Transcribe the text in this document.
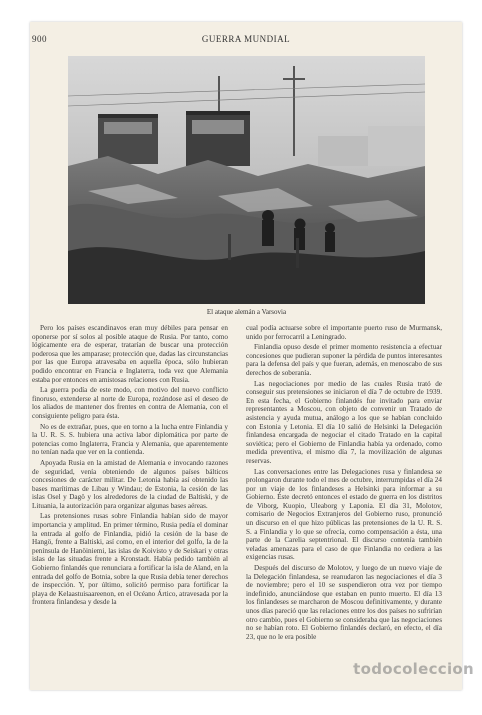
900	GUERRA MUNDIAL
El ataque alemán a Varsovia

Pero los países escandinavos eran muy débiles para pensar en oponerse por sí solos al posible ataque de Rusia. Por tanto, como lógicamente era de esperar, tratarían de buscar una protección poderosa que les amparase; protección que, dadas las circunstancias por las que Europa atravesaba en aquella época, sólo hubieran podido encontrar en Francia e Inglaterra, toda vez que Alemania estaba por entonces en amistosas relaciones con Rusia.

La guerra podía de este modo, con motivo del nuevo conflicto finoruso, extenderse al norte de Europa, rozándose así el deseo de los aliados de mantener dos frentes en contra de Alemania, con el consiguiente peligro para ésta.

No es de extrañar, pues, que en torno a la lucha entre Finlandia y la U. R. S. S. hubiera una activa labor diplomática por parte de potencias como Inglaterra, Francia y Alemania, que aparentemente no tenían nada que ver en la contienda.

Apoyada Rusia en la amistad de Alemania e invocando razones de seguridad, venía obteniendo de algunos países bálticos concesiones de carácter militar. De Letonia había así obtenido las bases marítimas de Libau y Windau; de Estonia, la cesión de las islas Osel y Dagö y los alrededores de la ciudad de Baltiski, y de Lituania, la autorización para organizar algunas bases aéreas.

Las pretensiones rusas sobre Finlandia habían sido de mayor importancia y amplitud. En primer término, Rusia pedía el dominar la entrada al golfo de Finlandia, pidió la cesión de la base de Hangö, frente a Baltiski, así como, en el interior del golfo, la de la península de Hanöiniemi, las islas de Koivisto y de Seiskari y otras islas de las situadas frente a Kronstadt. Había pedido también al Gobierno finlandés que renunciara a fortificar la isla de Aland, en la entrada del golfo de Botnia, sobre la que Rusia debía tener derechos de inspección. Y, por último, solicitó permiso para fortificar la playa de Kelaastuisaareenon, en el Océano Ártico, atravesada por la frontera finlandesa y desde la

cual podía actuarse sobre el importante puerto ruso de Murmansk, unido por ferrocarril a Leningrado.

Finlandia opuso desde el primer momento resistencia a efectuar concesiones que pudieran suponer la pérdida de puntos interesantes para la defensa del país y que fueran, además, en menoscabo de sus derechos de soberanía.

Las negociaciones por medio de las cuales Rusia trató de conseguir sus pretensiones se iniciaron el día 7 de octubre de 1939. En esta fecha, el Gobierno finlandés fue invitado para enviar representantes a Moscou, con objeto de convenir un Tratado de asistencia y ayuda mutua, análogo a los que se habían concluido con Estonia y Letonia. El día 10 salió de Helsinki la Delegación finlandesa encargada de negociar el citado Tratado en la capital soviética; pero el Gobierno de Finlandia había ya ordenado, como medida preventiva, el mismo día 7, la movilización de algunas reservas.

Las conversaciones entre las Delegaciones rusa y finlandesa se prolongaron durante todo el mes de octubre, interrumpidas el día 24 por un viaje de los finlandeses a Helsinki para informar a su Gobierno. Éste decretó entonces el estado de guerra en los distritos de Viborg, Kuopio, Uleaborg y Laponia. El día 31, Molotov, comisario de Negocios Extranjeros del Gobierno ruso, pronunció un discurso en el que hizo públicas las pretensiones de la U. R. S. S. a Finlandia y lo que se ofrecía, como compensación a ésta, una parte de la Carelia septentrional. El discurso contenía también veladas amenazas para el caso de que Finlandia no cediera a las exigencias rusas.

Después del discurso de Molotov, y luego de un nuevo viaje de la Delegación finlandesa, se reanudaron las negociaciones el día 3 de noviembre; pero el 10 se suspendieron otra vez por tiempo indefinido, anunciándose que estaban en punto muerto. El día 13 los finlandeses se marcharon de Moscou definitivamente, y durante unos días pareció que las relaciones entre los dos países no sufrirían otro cambio, pues el Gobierno se consideraba que las negociaciones no se habían roto. El Gobierno finlandés declaró, en efecto, el día 23, que no le era posible

todocoleccion
